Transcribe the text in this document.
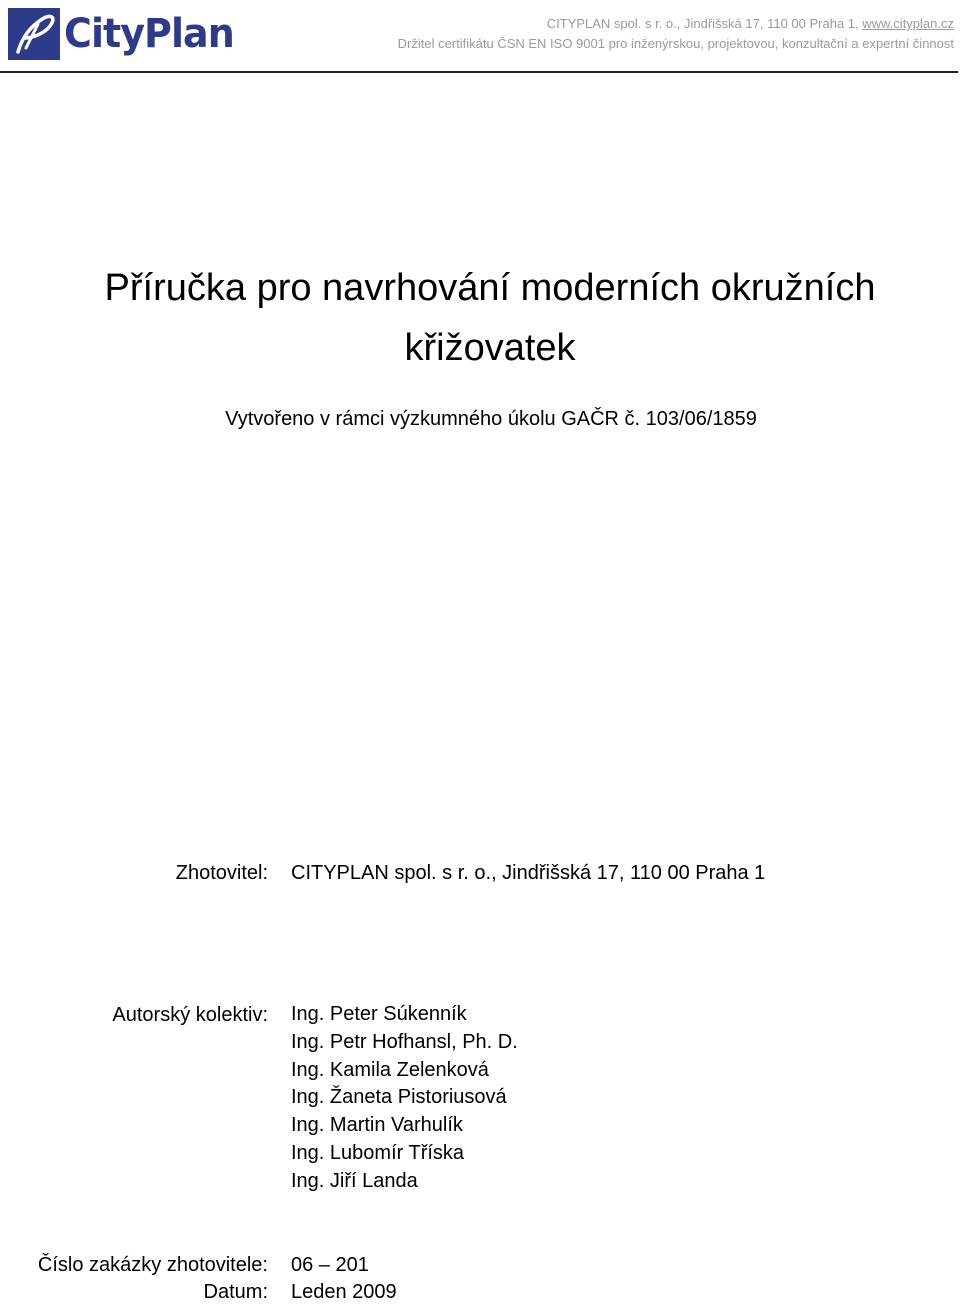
CityPlan	CITYPLAN spol. s r. o., Jindřišská 17, 110 00 Praha 1, www.cityplan.cz
Držitel certifikátu ČSN EN ISO 9001 pro inženýrskou, projektovou, konzultační a expertní činnost
Příručka pro navrhování moderních okružních
křižovatek
Vytvořeno v rámci výzkumného úkolu GAČR č. 103/06/1859
Zhotovitel: CITYPLAN spol. s r. o., Jindřišská 17, 110 00 Praha 1
Autorský kolektiv: Ing. Peter Súkenník
Ing. Petr Hofhansl, Ph. D.
Ing. Kamila Zelenková
Ing. Žaneta Pistoriusová
Ing. Martin Varhulík
Ing. Lubomír Tříska
Ing. Jiří Landa
Číslo zakázky zhotovitele: 06 – 201
Datum: Leden 2009
